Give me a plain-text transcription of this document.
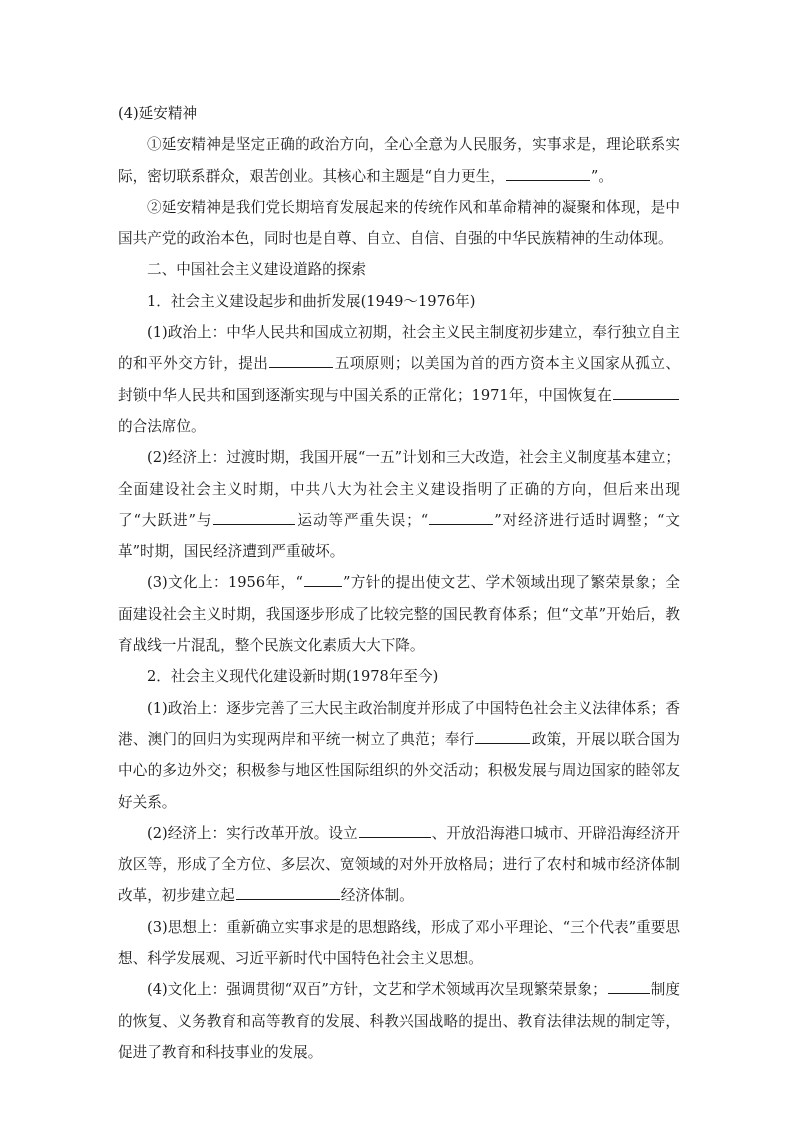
(4)延安精神

①延安精神是坚定正确的政治方向，全心全意为人民服务，实事求是，理论联系实际，密切联系群众，艰苦创业。其核心和主题是“自力更生，	”。

②延安精神是我们党长期培育发展起来的传统作风和革命精神的凝聚和体现，是中国共产党的政治本色，同时也是自尊、自立、自信、自强的中华民族精神的生动体现。

二、中国社会主义建设道路的探索

1．社会主义建设起步和曲折发展(1949～1976年)

(1)政治上：中华人民共和国成立初期，社会主义民主制度初步建立，奉行独立自主的和平外交方针，提出	五项原则；以美国为首的西方资本主义国家从孤立、封锁中华人民共和国到逐渐实现与中国关系的正常化；1971年，中国恢复在的合法席位。

(2)经济上：过渡时期，我国开展“一五”计划和三大改造，社会主义制度基本建立；全面建设社会主义时期，中共八大为社会主义建设指明了正确的方向，但后来出现了“大跃进”与	运动等严重失误；“	”对经济进行适时调整；“文革”时期，国民经济遭到严重破坏。

(3)文化上：1956年，“	”方针的提出使文艺、学术领域出现了繁荣景象；全面建设社会主义时期，我国逐步形成了比较完整的国民教育体系；但“文革”开始后，教育战线一片混乱，整个民族文化素质大大下降。

2．社会主义现代化建设新时期(1978年至今)

(1)政治上：逐步完善了三大民主政治制度并形成了中国特色社会主义法律体系；香港、澳门的回归为实现两岸和平统一树立了典范；奉行	政策，开展以联合国为中心的多边外交；积极参与地区性国际组织的外交活动；积极发展与周边国家的睦邻友好关系。

(2)经济上：实行改革开放。设立	、开放沿海港口城市、开辟沿海经济开放区等，形成了全方位、多层次、宽领域的对外开放格局；进行了农村和城市经济体制改革，初步建立起	经济体制。

(3)思想上：重新确立实事求是的思想路线，形成了邓小平理论、“三个代表”重要思想、科学发展观、习近平新时代中国特色社会主义思想。

(4)文化上：强调贯彻“双百”方针，文艺和学术领域再次呈现繁荣景象；	制度的恢复、义务教育和高等教育的发展、科教兴国战略的提出、教育法律法规的制定等，促进了教育和科技事业的发展。
